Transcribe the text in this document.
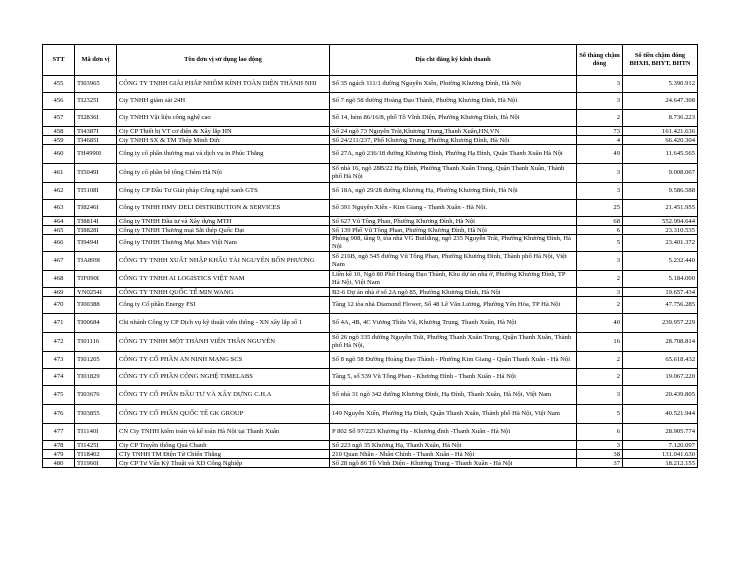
STT	Mã đơn vị	Tên đơn vị sử dụng lao động	Địa chỉ đăng ký kinh doanh	Số tháng chậm đóng	Số tiền chậm đóng BHXH, BHYT, BHTN
455	TI03965	CÔNG TY TNHH GIẢI PHÁP NHÔM KÍNH TOÀN DIỆN THÀNH NHI	Số 35 ngách 111/1 đường Nguyễn Xiển, Phường Khương Đình, Hà Nội	3	5.390.912
456	TI2325I	Cty TNHH giám sát 24H	Số 7 ngõ 58 đường Hoàng Đạo Thành, Phường Khương Đình, Hà Nội	3	24.647.308
457	TI2836I	Cty TNHH Vật liệu công nghệ cao	Số 14, hẻm 86/16/8, phố Tô Vĩnh Diện, Phường Khương Đình, Hà Nội	2	8.736.223
458	TI4387I	Cty CP Thiết bị VT cơ điện & Xây lắp HN	Số 24 ngõ 73 Nguyễn Trãi,Khương Trung,Thanh Xuân,HN,VN	73	161.421.636
459	TI4685I	Cty TNHH SX & TM Thép Minh Đức	Số 24/211/237, Phố Khương Trung, Phường Khương Đình, Hà Nội	4	66.420.304
460	TH4990I	Công ty cổ phần thương mại và dịch vụ in Phúc Thắng	Số 27A, ngõ 236/18 đường Khương Đình, Phường Hạ Đình, Quận Thanh Xuân Hà Nội	49	11.645.565
461	TI5049I	Công ty cổ phần bê tông Chèm Hà Nội	Số nhà 16, ngõ 28B/22 Hạ Đình, Phường Thanh Xuân Trung, Quận Thanh Xuân, Thành phố Hà Nội	3	9.008.067
462	TI5108I	Công ty CP Đầu Tư Giải pháp Công nghệ xanh GTS	Số 18A, ngõ 29/28 đường Khương Hạ, Phường Khương Đình, Hà Nội	3	9.586.588
463	TI8246I	Công ty TNHH HMV DELI DISTRIBUTION & SERVICES	Số 391 Nguyễn Xiển - Kim Giang - Thanh Xuân - Hà Nội.	25	21.451.955
464	TI8814I	Công ty TNHH Đầu tư và Xây dựng MTH	Số 627 Vũ Tông Phan, Phường Khương Đình, Hà Nội	68	552.994.644
465	TI8828I	Công ty TNHH Thương mại Sắt thép Quốc Đạt	Số 139 Phố Vũ Tông Phan, Phường Khương Đình, Hà Nội	6	23.310.535
466	TI9494I	Công ty TNHH Thương Mại Mars Việt Nam	Phòng 908, tầng 9, tòa nhà VG Building, ngõ 235 Nguyễn Trãi, Phường Khương Đình, Hà Nội	5	23.401.372
467	TIA899I	CÔNG TY TNHH XUẤT NHẬP KHẨU TÀI NGUYÊN BỐN PHƯƠNG	Số 216B, ngõ 545 đường Vũ Tông Phan, Phường Khương Đình, Thành phố Hà Nội, Việt Nam	3	5.232.440
468	TIF090I	CÔNG TY TNHH AI LOGISTICS VIỆT NAM	Liền kề 10, Ngõ 80 Phố Hoàng Đạo Thành, Khu dự án nhà ở, Phường Khương Đình, TP Hà Nội, Việt Nam	2	5.184.000
469	YN0254I	CÔNG TY TNHH QUỐC TẾ MIN WANG	B2-6 Dự án nhà ở số 2A ngõ 85, Phường Khương Đình, Hà Nội	3	19.657.434
470	TI00388	Công ty Cổ phần Energy FSI	Tầng 12 tòa nhà Diamond Flower, Số 48 Lê Văn Lương, Phường Yên Hòa, TP Hà Nội	2	47.756.285
471	TI00684	Chi nhánh Công ty CP Dịch vụ kỹ thuật viễn thông - XN xây lắp số 1	Số 4A, 4B, 4C Vương Thừa Vũ, Khương Trung, Thanh Xuân, Hà Nội	40	239.957.229
472	TI01116	CÔNG TY TNHH MỘT THÀNH VIÊN THÂN NGUYÊN	Số 26 ngõ 335 đường Nguyễn Trãi, Phường Thanh Xuân Trung, Quận Thanh Xuân, Thành phố Hà Nội,	16	28.708.814
473	TI01205	CÔNG TY CỔ PHẦN AN NINH MẠNG SCS	Số 8 ngõ 58 Đường Hoàng Đạo Thành - Phường Kim Giang - Quận Thanh Xuân - Hà Nội	2	65.618.432
474	TI01829	CÔNG TY CỔ PHẦN CÔNG NGHỆ TIMELABS	Tầng 5, số 539 Vũ Tông Phan - Khương Đình - Thanh Xuân - Hà Nội	2	19.067.220
475	TI03676	CÔNG TY CỔ PHẦN ĐẦU TƯ VÀ XÂY DỰNG C.H.A	Số nhà 31 ngõ 342 đường Khương Đình, Hạ Đình, Thanh Xuân, Hà Nội, Việt Nam	3	20.439.805
476	TI03855	CÔNG TY CỔ PHẦN QUỐC TẾ GK GROUP	149 Nguyễn Xiển, Phường Hạ Đình, Quận Thanh Xuân, Thành phố Hà Nội, Việt Nam	5	40.521.944
477	TI1140I	CN Cty TNHH kiểm toán và kế toán Hà Nội tại Thanh Xuân	P 802 Số 97/223 Khương Hạ - Khương đình -Thanh Xuân - Hà Nội	6	28.905.774
478	TI1425I	Cty CP Truyền thông Quả Chanh	Số 223 ngõ 35 Khương Hạ, Thanh Xuân, Hà Nội	3	7.120.097
479	TI18402	CTy TNHH TM Điện Tử Chiến Thắng	210 Quan Nhân - Nhân Chính - Thanh Xuân - Hà Nội	38	131.041.630
480	TI1960I	Cty CP Tư Vấn Kỹ Thuật và XD Công Nghiệp	Số 28 ngõ 86 Tô Vĩnh Diện - Khương Trung - Thanh Xuân - Hà Nội	37	18.212.155
